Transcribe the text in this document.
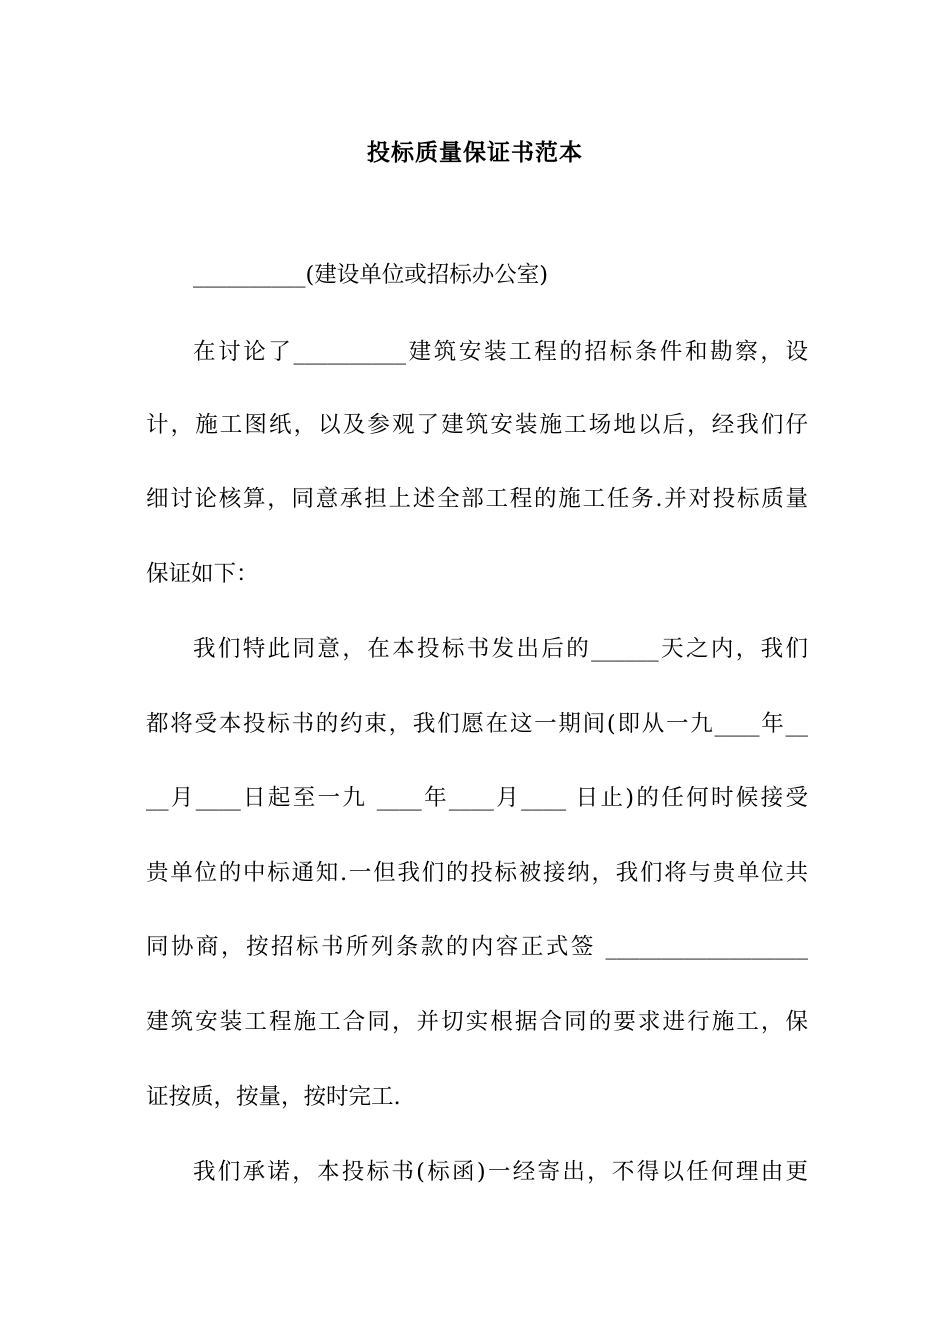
投标质量保证书范本
__________(建设单位或招标办公室)
在讨论了__________建筑安装工程的招标条件和勘察，设
计，施工图纸，以及参观了建筑安装施工场地以后，经我们仔
细讨论核算，同意承担上述全部工程的施工任务.并对投标质量
保证如下：
我们特此同意，在本投标书发出后的______天之内，我们
都将受本投标书的约束，我们愿在这一期间(即从一九____年__
__月____日起至一九 ____年____月____ 日止)的任何时候接受
贵单位的中标通知.一但我们的投标被接纳，我们将与贵单位共
同协商，按招标书所列条款的内容正式签 __________________
建筑安装工程施工合同，并切实根据合同的要求进行施工，保
证按质，按量，按时完工.
我们承诺，本投标书(标函)一经寄出，不得以任何理由更
